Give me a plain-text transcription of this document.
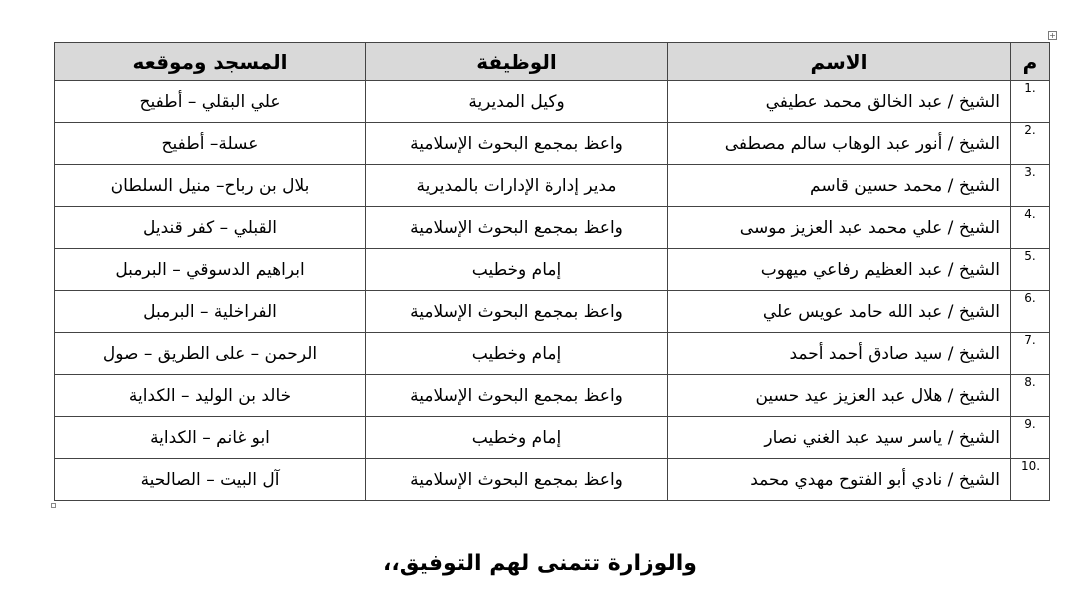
+
المسجد وموقعه	الوظيفة	الاسم	م
علي البقلي – أطفيح	وكيل المديرية	الشيخ / عبد الخالق محمد عطيفي	1.
عسلة– أطفيح	واعظ بمجمع البحوث الإسلامية	الشيخ / أنور عبد الوهاب سالم مصطفى	2.
بلال بن رباح– منيل السلطان	مدير إدارة الإدارات بالمديرية	الشيخ / محمد حسين قاسم	3.
القبلي – كفر قنديل	واعظ بمجمع البحوث الإسلامية	الشيخ / علي محمد عبد العزيز موسى	4.
ابراهيم الدسوقي – البرمبل	إمام وخطيب	الشيخ / عبد العظيم رفاعي ميهوب	5.
الفراخلية – البرمبل	واعظ بمجمع البحوث الإسلامية	الشيخ / عبد الله حامد عويس علي	6.
الرحمن – على الطريق – صول	إمام وخطيب	الشيخ / سيد صادق أحمد أحمد	7.
خالد بن الوليد – الكداية	واعظ بمجمع البحوث الإسلامية	الشيخ / هلال عبد العزيز عيد حسين	8.
ابو غانم – الكداية	إمام وخطيب	الشيخ / ياسر سيد عبد الغني نصار	9.
آل البيت – الصالحية	واعظ بمجمع البحوث الإسلامية	الشيخ / نادي أبو الفتوح مهدي محمد	10.
والوزارة تتمنى لهم التوفيق،،
